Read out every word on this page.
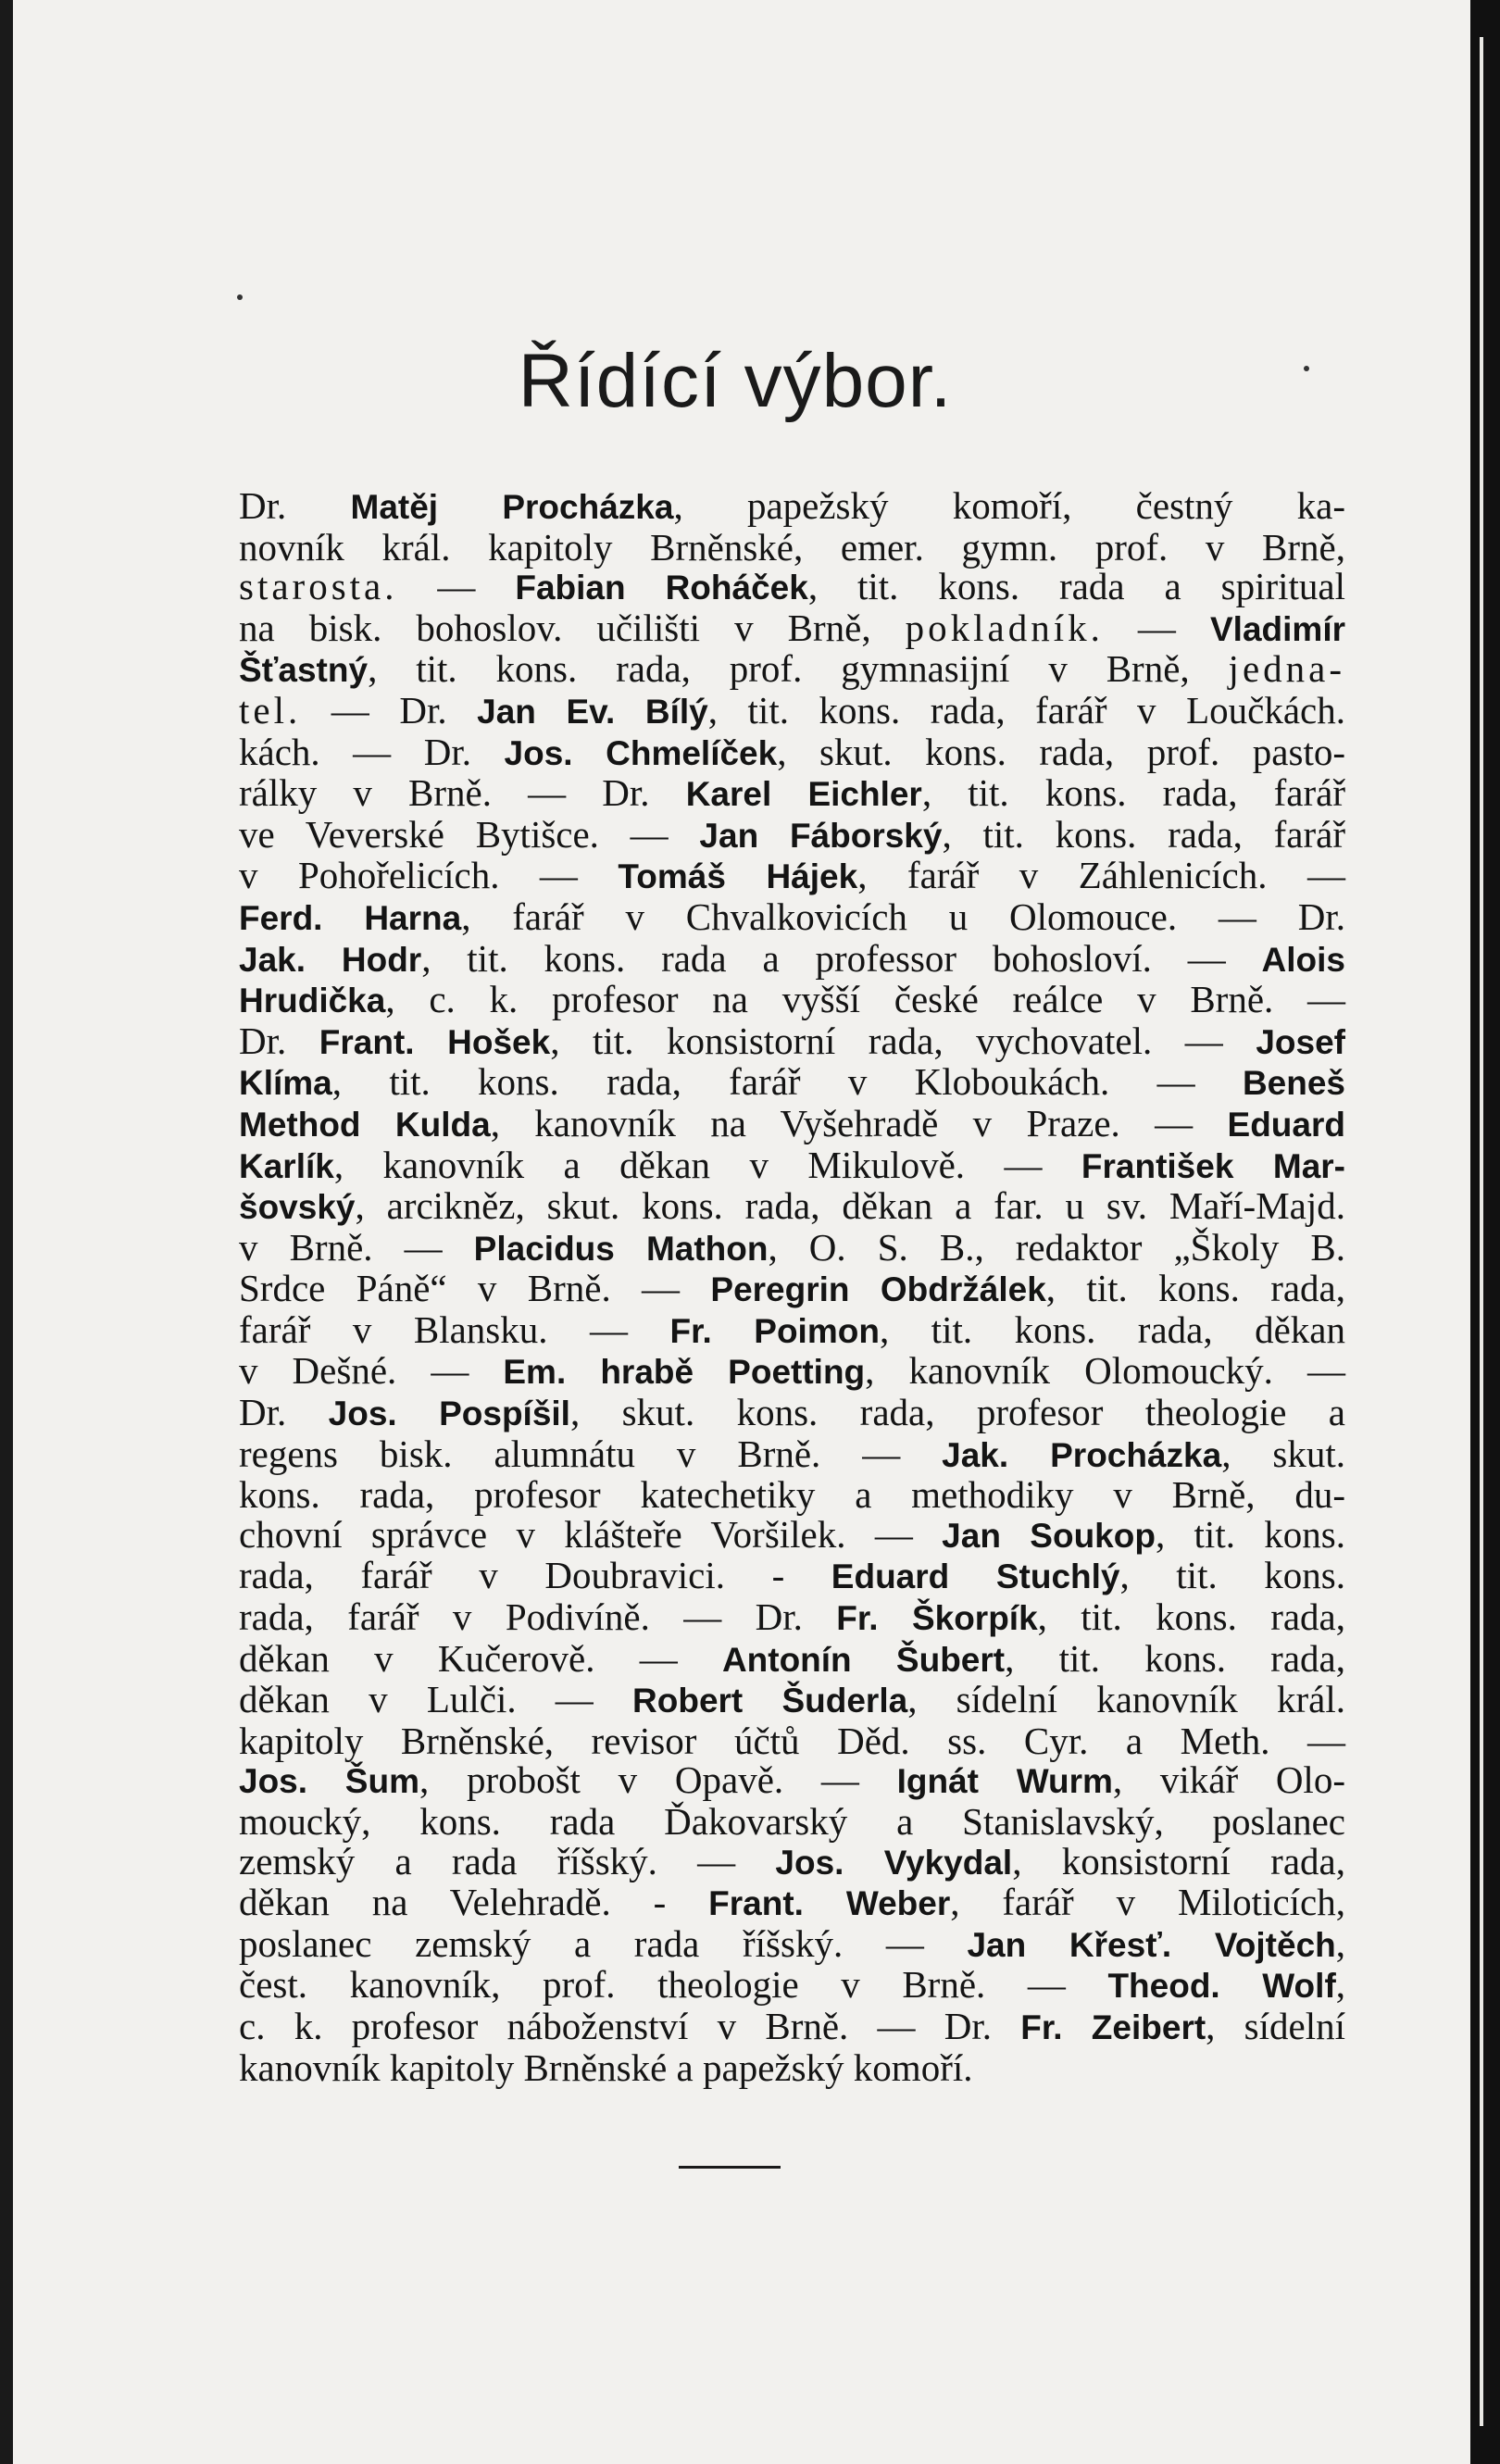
Řídící výbor.
Dr. Matěj Procházka, papežský komoří, čestný ka-
novník král. kapitoly Brněnské, emer. gymn. prof. v Brně,
starosta. — Fabian Roháček, tit. kons. rada a spiritual
na bisk. bohoslov. učilišti v Brně, pokladník. — Vladimír
Šťastný, tit. kons. rada, prof. gymnasijní v Brně, jedna-
tel. — Dr. Jan Ev. Bílý, tit. kons. rada, farář v Loučkách.
kách. — Dr. Jos. Chmelíček, skut. kons. rada, prof. pasto-
rálky v Brně. — Dr. Karel Eichler, tit. kons. rada, farář
ve Veverské Bytišce. — Jan Fáborský, tit. kons. rada, farář
v Pohořelicích. — Tomáš Hájek, farář v Záhlenicích. —
Ferd. Harna, farář v Chvalkovicích u Olomouce. — Dr.
Jak. Hodr, tit. kons. rada a professor bohosloví. — Alois
Hrudička, c. k. profesor na vyšší české reálce v Brně. —
Dr. Frant. Hošek, tit. konsistorní rada, vychovatel. — Josef
Klíma, tit. kons. rada, farář v Kloboukách. — Beneš
Method Kulda, kanovník na Vyšehradě v Praze. — Eduard
Karlík, kanovník a děkan v Mikulově. — František Mar-
šovský, arcikněz, skut. kons. rada, děkan a far. u sv. Maří-Majd.
v Brně. — Placidus Mathon, O. S. B., redaktor „Školy B.
Srdce Páně“ v Brně. — Peregrin Obdržálek, tit. kons. rada,
farář v Blansku. — Fr. Poimon, tit. kons. rada, děkan
v Dešné. — Em. hrabě Poetting, kanovník Olomoucký. —
Dr. Jos. Pospíšil, skut. kons. rada, profesor theologie a
regens bisk. alumnátu v Brně. — Jak. Procházka, skut.
kons. rada, profesor katechetiky a methodiky v Brně, du-
chovní správce v klášteře Voršilek. — Jan Soukop, tit. kons.
rada, farář v Doubravici. - Eduard Stuchlý, tit. kons.
rada, farář v Podivíně. — Dr. Fr. Škorpík, tit. kons. rada,
děkan v Kučerově. — Antonín Šubert, tit. kons. rada,
děkan v Lulči. — Robert Šuderla, sídelní kanovník král.
kapitoly Brněnské, revisor účtů Děd. ss. Cyr. a Meth. —
Jos. Šum, probošt v Opavě. — Ignát Wurm, vikář Olo-
moucký, kons. rada Ďakovarský a Stanislavský, poslanec
zemský a rada říšský. — Jos. Vykydal, konsistorní rada,
děkan na Velehradě. - Frant. Weber, farář v Miloticích,
poslanec zemský a rada říšský. — Jan Křesť. Vojtěch,
čest. kanovník, prof. theologie v Brně. — Theod. Wolf,
c. k. profesor náboženství v Brně. — Dr. Fr. Zeibert, sídelní
kanovník kapitoly Brněnské a papežský komoří.
